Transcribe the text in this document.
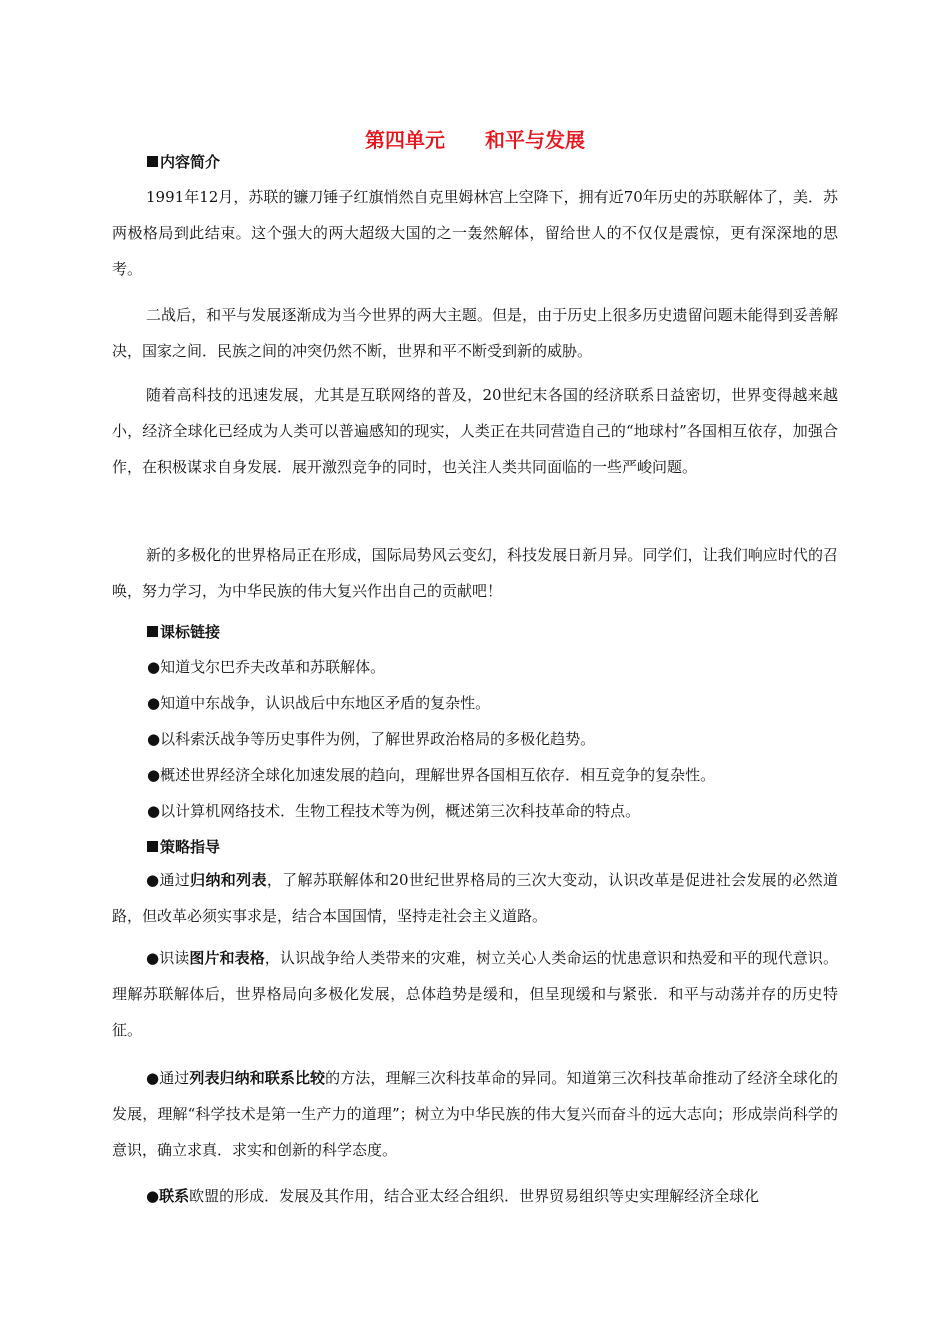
第四单元　　和平与发展
内容简介

1991年12月，苏联的镰刀锤子红旗悄然自克里姆林宫上空降下，拥有近70年历史的苏联解体了，美．苏两极格局到此结束。这个强大的两大超级大国的之一轰然解体，留给世人的不仅仅是震惊，更有深深地的思考。

二战后，和平与发展逐渐成为当今世界的两大主题。但是，由于历史上很多历史遗留问题未能得到妥善解决，国家之间．民族之间的冲突仍然不断，世界和平不断受到新的威胁。

随着高科技的迅速发展，尤其是互联网络的普及，20世纪末各国的经济联系日益密切，世界变得越来越小，经济全球化已经成为人类可以普遍感知的现实，人类正在共同营造自己的“地球村”各国相互依存，加强合作，在积极谋求自身发展．展开激烈竞争的同时，也关注人类共同面临的一些严峻问题。

新的多极化的世界格局正在形成，国际局势风云变幻，科技发展日新月异。同学们，让我们响应时代的召唤，努力学习，为中华民族的伟大复兴作出自己的贡献吧！

课标链接

●知道戈尔巴乔夫改革和苏联解体。

●知道中东战争，认识战后中东地区矛盾的复杂性。

●以科索沃战争等历史事件为例，了解世界政治格局的多极化趋势。

●概述世界经济全球化加速发展的趋向，理解世界各国相互依存．相互竞争的复杂性。

●以计算机网络技术．生物工程技术等为例，概述第三次科技革命的特点。

策略指导

●通过归纳和列表，了解苏联解体和20世纪世界格局的三次大变动，认识改革是促进社会发展的必然道路，但改革必须实事求是，结合本国国情，坚持走社会主义道路。

●识读图片和表格，认识战争给人类带来的灾难，树立关心人类命运的忧患意识和热爱和平的现代意识。理解苏联解体后，世界格局向多极化发展，总体趋势是缓和，但呈现缓和与紧张．和平与动荡并存的历史特征。

●通过列表归纳和联系比较的方法，理解三次科技革命的异同。知道第三次科技革命推动了经济全球化的发展，理解“科学技术是第一生产力的道理”；树立为中华民族的伟大复兴而奋斗的远大志向；形成崇尚科学的意识，确立求真．求实和创新的科学态度。

●联系欧盟的形成．发展及其作用，结合亚太经合组织．世界贸易组织等史实理解经济全球化
